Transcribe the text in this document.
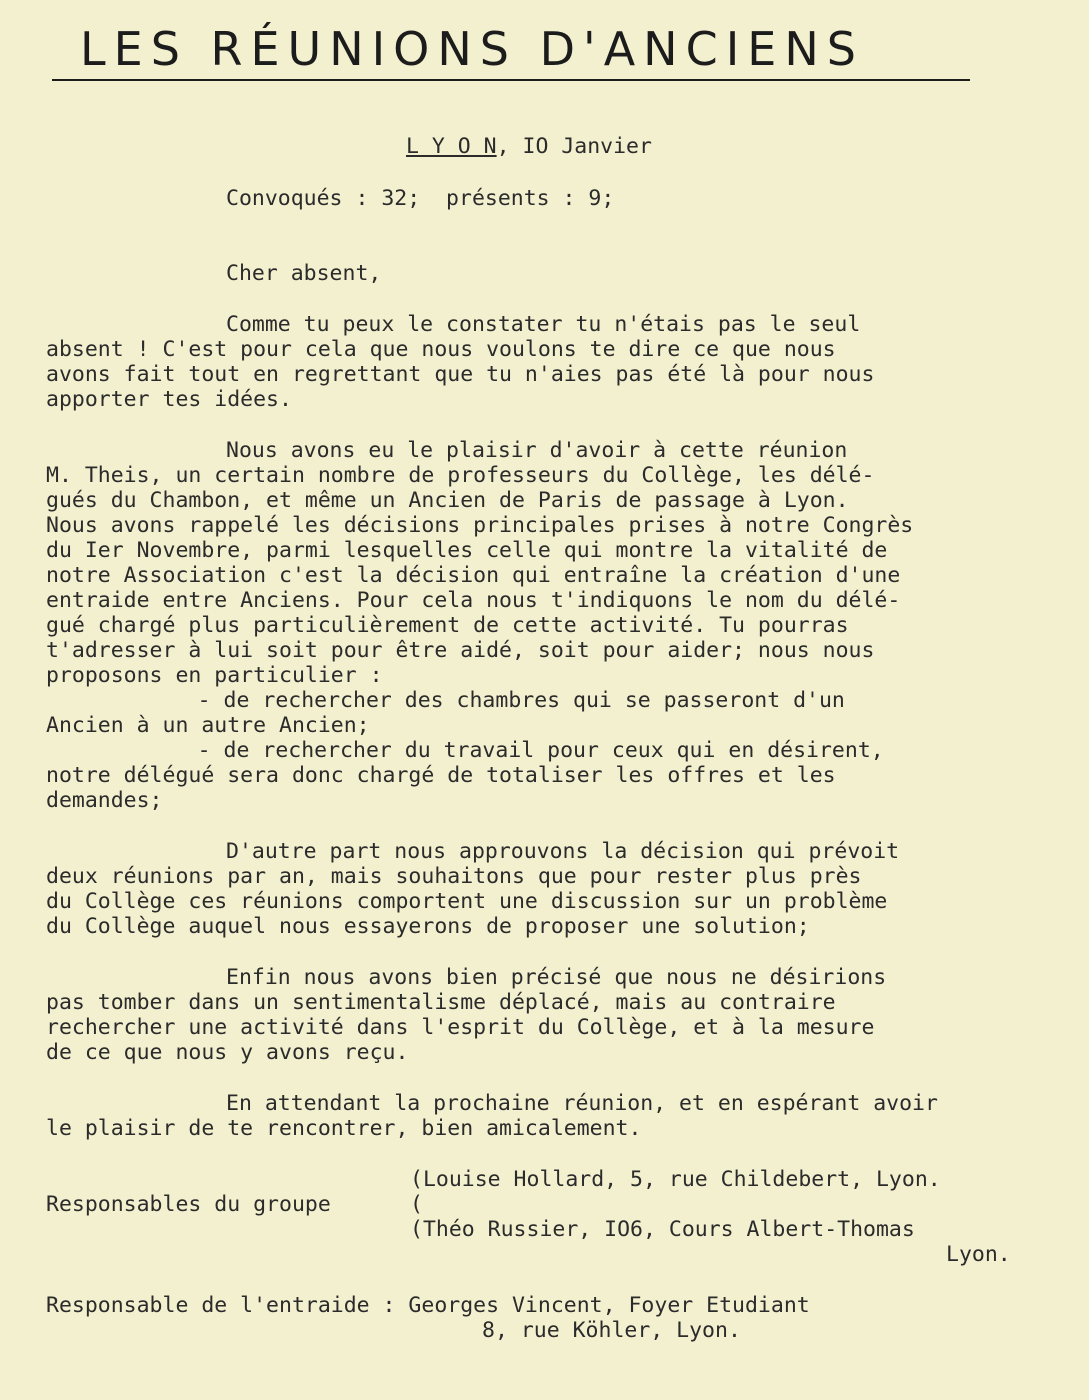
LES RÉUNIONS D'ANCIENS
L Y O N, IO Janvier
Convoqués : 32;  présents : 9;
Cher absent,
Comme tu peux le constater tu n'étais pas le seul
absent ! C'est pour cela que nous voulons te dire ce que nous
avons fait tout en regrettant que tu n'aies pas été là pour nous
apporter tes idées.
Nous avons eu le plaisir d'avoir à cette réunion
M. Theis, un certain nombre de professeurs du Collège, les délé-
gués du Chambon, et même un Ancien de Paris de passage à Lyon.
Nous avons rappelé les décisions principales prises à notre Congrès
du Ier Novembre, parmi lesquelles celle qui montre la vitalité de
notre Association c'est la décision qui entraîne la création d'une
entraide entre Anciens. Pour cela nous t'indiquons le nom du délé-
gué chargé plus particulièrement de cette activité. Tu pourras
t'adresser à lui soit pour être aidé, soit pour aider; nous nous
proposons en particulier :
- de rechercher des chambres qui se passeront d'un
Ancien à un autre Ancien;
- de rechercher du travail pour ceux qui en désirent,
notre délégué sera donc chargé de totaliser les offres et les
demandes;
D'autre part nous approuvons la décision qui prévoit
deux réunions par an, mais souhaitons que pour rester plus près
du Collège ces réunions comportent une discussion sur un problème
du Collège auquel nous essayerons de proposer une solution;
Enfin nous avons bien précisé que nous ne désirions
pas tomber dans un sentimentalisme déplacé, mais au contraire
rechercher une activité dans l'esprit du Collège, et à la mesure
de ce que nous y avons reçu.
En attendant la prochaine réunion, et en espérant avoir
le plaisir de te rencontrer, bien amicalement.
(Louise Hollard, 5, rue Childebert, Lyon.
Responsables du groupe	(
(Théo Russier, IO6, Cours Albert-Thomas
Lyon.
Responsable de l'entraide : Georges Vincent, Foyer Etudiant
8, rue Köhler, Lyon.
